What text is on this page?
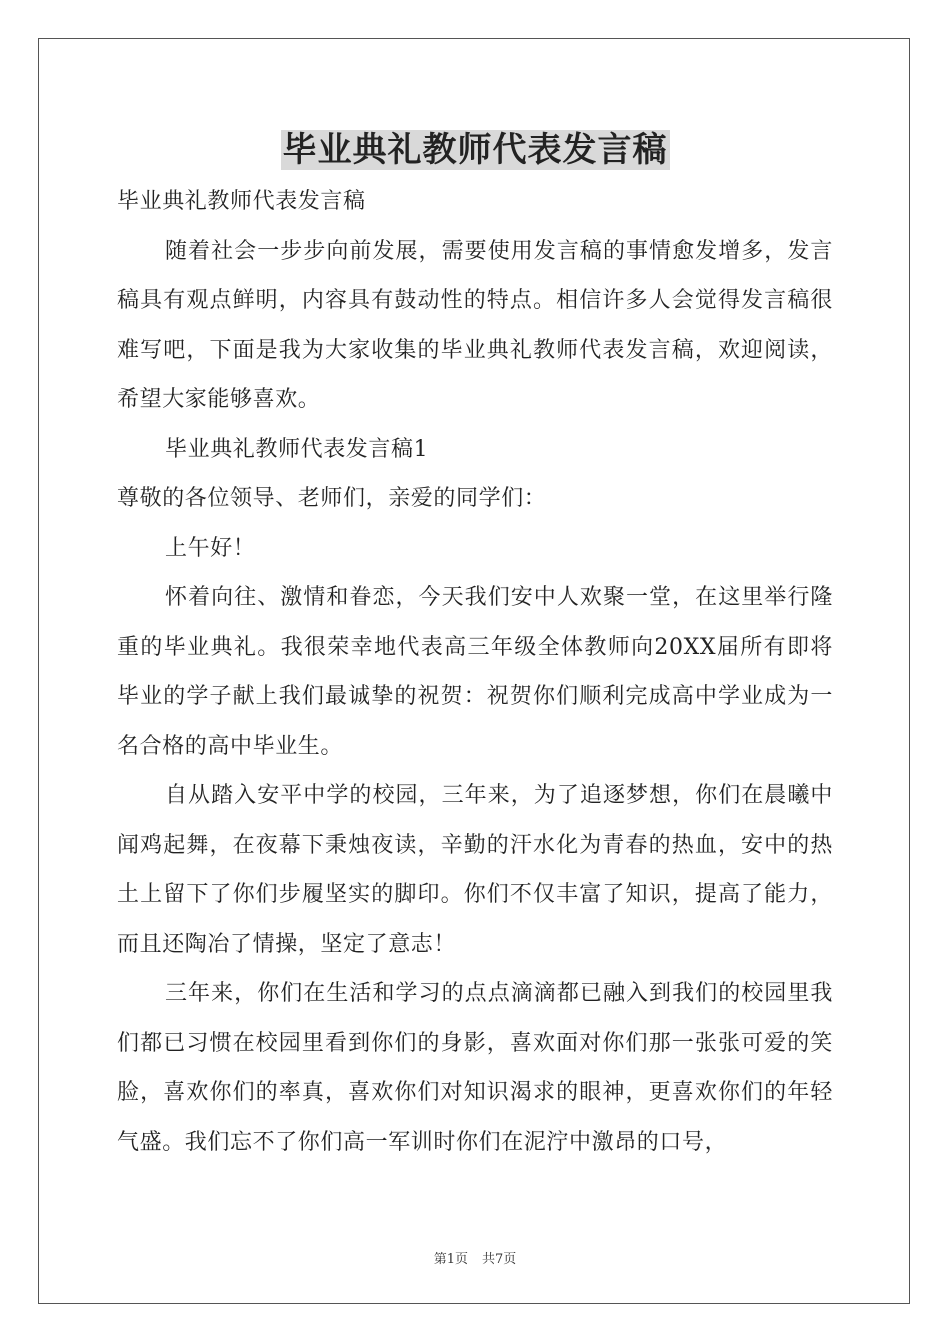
毕业典礼教师代表发言稿

毕业典礼教师代表发言稿

随着社会一步步向前发展，需要使用发言稿的事情愈发增多，发言稿具有观点鲜明，内容具有鼓动性的特点。相信许多人会觉得发言稿很难写吧，下面是我为大家收集的毕业典礼教师代表发言稿，欢迎阅读，希望大家能够喜欢。

毕业典礼教师代表发言稿1

尊敬的各位领导、老师们，亲爱的同学们：

上午好！

怀着向往、激情和眷恋，今天我们安中人欢聚一堂，在这里举行隆重的毕业典礼。我很荣幸地代表高三年级全体教师向20XX届所有即将毕业的学子献上我们最诚挚的祝贺：祝贺你们顺利完成高中学业成为一名合格的高中毕业生。

自从踏入安平中学的校园，三年来，为了追逐梦想，你们在晨曦中闻鸡起舞，在夜幕下秉烛夜读，辛勤的汗水化为青春的热血，安中的热土上留下了你们步履坚实的脚印。你们不仅丰富了知识，提高了能力，而且还陶冶了情操，坚定了意志！

三年来，你们在生活和学习的点点滴滴都已融入到我们的校园里我们都已习惯在校园里看到你们的身影，喜欢面对你们那一张张可爱的笑脸，喜欢你们的率真，喜欢你们对知识渴求的眼神，更喜欢你们的年轻气盛。我们忘不了你们高一军训时你们在泥泞中激昂的口号，

第1页 共7页
